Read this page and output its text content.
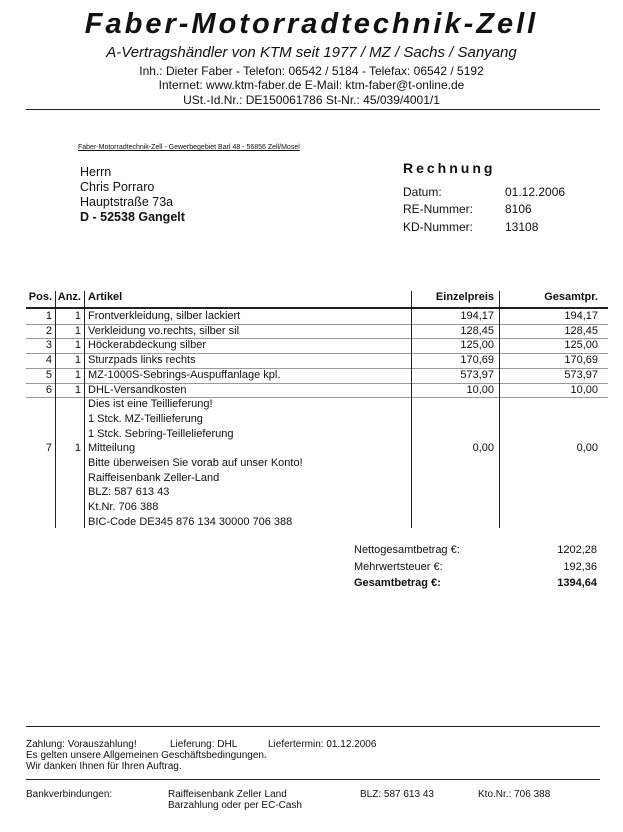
Faber-Motorradtechnik-Zell
A-Vertragshändler von KTM seit 1977 / MZ / Sachs / Sanyang
Inh.: Dieter Faber - Telefon: 06542 / 5184 - Telefax: 06542 / 5192
Internet: www.ktm-faber.de E-Mail: ktm-faber@t-online.de
USt.-Id.Nr.: DE150061786 St-Nr.: 45/039/4001/1
Faber-Motorradtechnik-Zell - Gewerbegebiet Barl 48 - 56856 Zell/Mosel
Herrn
Chris Porraro
Hauptstraße 73a
D - 52538 Gangelt
Rechnung
Datum:	01.12.2006
RE-Nummer:	8106
KD-Nummer:	13108
Pos. Anz. Artikel	Einzelpreis	Gesamtpr.
1	1 Frontverkleidung, silber lackiert	194,17	194,17
2	1 Verkleidung vo.rechts, silber sil	128,45	128,45
3	1 Höckerabdeckung silber	125,00	125,00
4	1 Sturzpads links rechts	170,69	170,69
5	1 MZ-1000S-Sebrings-Auspuffanlage kpl.	573,97	573,97
6	1 DHL-Versandkosten	10,00	10,00
Dies ist eine Teillieferung!
1 Stck. MZ-Teillieferung
1 Stck. Sebring-Teillelieferung
7	1 Mitteilung	0,00	0,00
Bitte überweisen Sie vorab auf unser Konto!
Raiffeisenbank Zeller-Land
BLZ: 587 613 43
Kt.Nr. 706 388
BIC-Code DE345 876 134 30000 706 388
Nettogesamtbetrag €:	1202,28
Mehrwertsteuer €:	192,36
Gesamtbetrag €:	1394,64
Zahlung: Vorauszahlung!	Lieferung: DHL	Liefertermin: 01.12.2006
Es gelten unsere Allgemeinen Geschäftsbedingungen.
Wir danken Ihnen für Ihren Auftrag.
Bankverbindungen:	Raiffeisenbank Zeller Land
Barzahlung oder per EC-Cash
BLZ: 587 613 43	Kto.Nr.: 706 388
